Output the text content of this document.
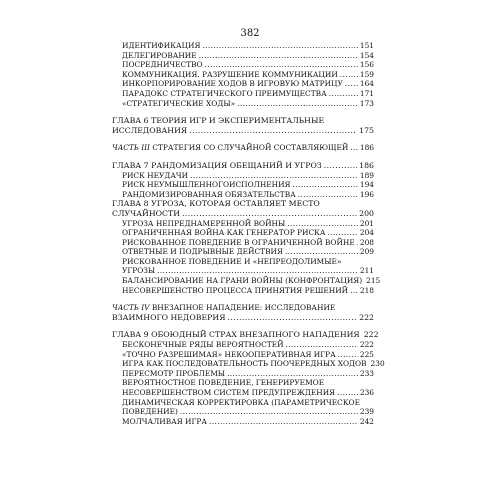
382
ИДЕНТИФИКАЦИЯ .....	151
ДЕЛЕГИРОВАНИЕ .....	154
ПОСРЕДНИЧЕСТВО .....	156
КОММУНИКАЦИЯ. РАЗРУШЕНИЕ КОММУНИКАЦИИ .....	159
ИНКОРПОРИРОВАНИЕ ХОДОВ В ИГРОВУЮ МАТРИЦУ ..... 164
ПАРАДОКС СТРАТЕГИЧЕСКОГО ПРЕИМУЩЕСТВА .....	171
«СТРАТЕГИЧЕСКИЕ ХОДЫ» .....	173
ГЛАВА 6 ТЕОРИЯ ИГР И ЭКСПЕРИМЕНТАЛЬНЫЕ
ИССЛЕДОВАНИЯ .....	175
ЧАСТЬ III СТРАТЕГИЯ СО СЛУЧАЙНОЙ СОСТАВЛЯЮЩЕЙ ..... 186
ГЛАВА 7 РАНДОМИЗАЦИЯ ОБЕЩАНИЙ И УГРОЗ .....	186
РИСК НЕУДАЧИ .....	189
РИСК НЕУМЫШЛЕННОГОИСПОЛНЕНИЯ .....	194
РАНДОМИЗИРОВАННАЯ ОБЯЗАТЕЛЬСТВА .....	196
ГЛАВА 8 УГРОЗА, КОТОРАЯ ОСТАВЛЯЕТ МЕСТО
СЛУЧАЙНОСТИ .....	200
УГРОЗА НЕПРЕДНАМЕРЕННОЙ ВОЙНЫ .....	201
ОГРАНИЧЕННАЯ ВОЙНА КАК ГЕНЕРАТОР РИСКА .....	204
РИСКОВАННОЕ ПОВЕДЕНИЕ В ОГРАНИЧЕННОЙ ВОЙНЕ ..... 208
ОТВЕТНЫЕ И ПОДРЫВНЫЕ ДЕЙСТВИЯ .....	209
РИСКОВАННОЕ ПОВЕДЕНИЕ И «НЕПРЕОДОЛИМЫЕ»
УГРОЗЫ .....	211
БАЛАНСИРОВАНИЕ НА ГРАНИ ВОЙНЫ (КОНФРОНТАЦИЯ) 215
НЕСОВЕРШЕНСТВО ПРОЦЕССА ПРИНЯТИЯ РЕШЕНИЙ ..... 218
ЧАСТЬ IV ВНЕЗАПНОЕ НАПАДЕНИЕ: ИССЛЕДОВАНИЕ
ВЗАИМНОГО НЕДОВЕРИЯ .....	222
ГЛАВА 9 ОБОЮДНЫЙ СТРАХ ВНЕЗАПНОГО НАПАДЕНИЯ 222
БЕСКОНЕЧНЫЕ РЯДЫ ВЕРОЯТНОСТЕЙ .....	222
«ТОЧНО РАЗРЕШИМАЯ» НЕКООПЕРАТИВНАЯ ИГРА .....	225
ИГРА КАК ПОСЛЕДОВАТЕЛЬНОСТЬ ПООЧЕРЕДНЫХ ХОДОВ 230
ПЕРЕСМОТР ПРОБЛЕМЫ .....	233
ВЕРОЯТНОСТНОЕ ПОВЕДЕНИЕ, ГЕНЕРИРУЕМОЕ
НЕСОВЕРШЕНСТВОМ СИСТЕМ ПРЕДУПРЕЖДЕНИЯ .....	236
ДИНАМИЧЕСКАЯ КОРРЕКТИРОВКА (ПАРАМЕТРИЧЕСКОЕ
ПОВЕДЕНИЕ) .....	239
МОЛЧАЛИВАЯ ИГРА .....	242
